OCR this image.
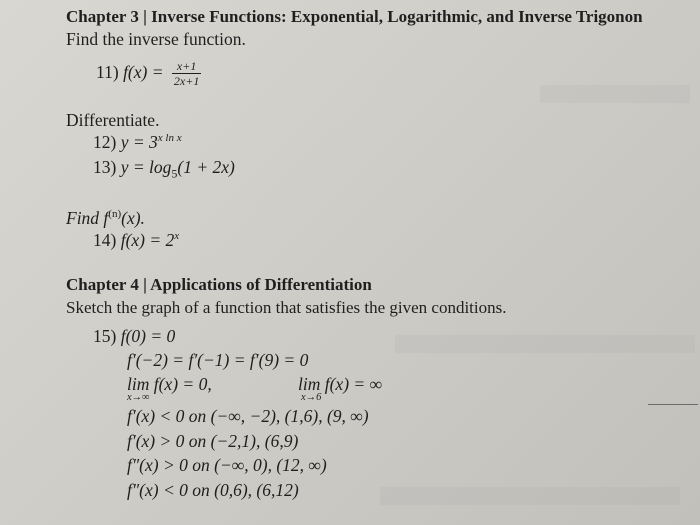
Chapter 3 | Inverse Functions: Exponential, Logarithmic, and Inverse Trigonon
Find the inverse function.
11) $f(x) = \frac{x+1}{2x+1}$
Differentiate.
12) $y = 3^{x ln x}$
13) $y = \log_5(1 + 2x)$
Find $f^{(n)}(x)$.
14) $f(x) = 2^x$
Chapter 4 | Applications of Differentiation
Sketch the graph of a function that satisfies the given conditions.
15) f(0) = 0
f′(−2) = f′(−1) = f′(9) = 0
lim f(x) = 0,
x→∞
lim f(x) = ∞
x→6
f′(x) < 0 on (−∞, −2), (1,6), (9, ∞)
f′(x) > 0 on (−2,1), (6,9)
f″(x) > 0 on (−∞, 0), (12, ∞)
f″(x) < 0 on (0,6), (6,12)
